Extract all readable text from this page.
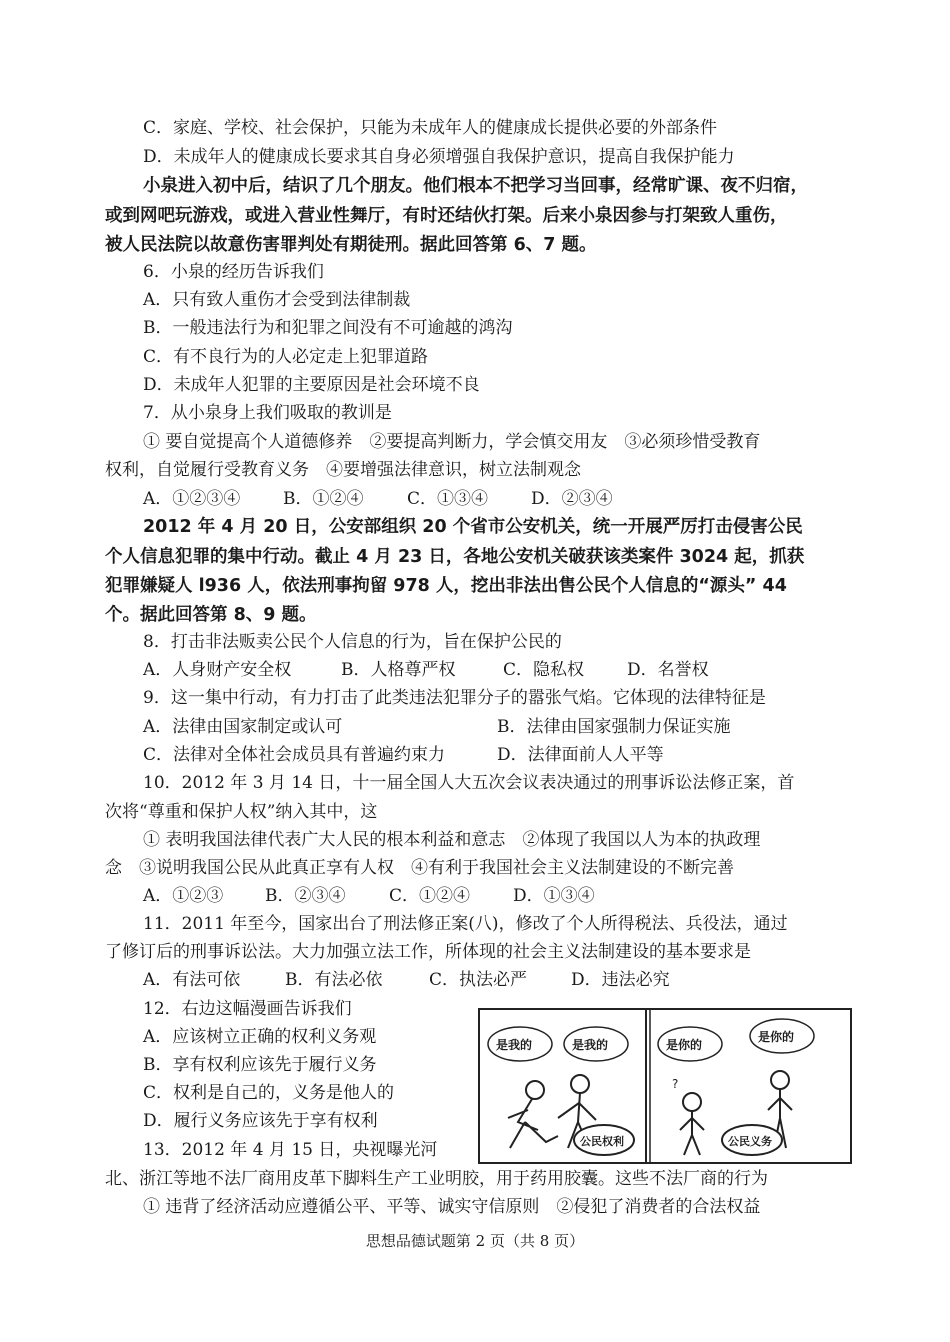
C．家庭、学校、社会保护，只能为未成年人的健康成长提供必要的外部条件
D．未成年人的健康成长要求其自身必须增强自我保护意识，提高自我保护能力
小泉进入初中后，结识了几个朋友。他们根本不把学习当回事，经常旷课、夜不归宿，
或到网吧玩游戏，或进入营业性舞厅，有时还结伙打架。后来小泉因参与打架致人重伤，
被人民法院以故意伤害罪判处有期徒刑。据此回答第 6、7 题。
6．小泉的经历告诉我们
A．只有致人重伤才会受到法律制裁
B．一般违法行为和犯罪之间没有不可逾越的鸿沟
C．有不良行为的人必定走上犯罪道路
D．未成年人犯罪的主要原因是社会环境不良
7．从小泉身上我们吸取的教训是
① 要自觉提高个人道德修养　②要提高判断力，学会慎交用友　③必须珍惜受教育
权利，自觉履行受教育义务　④要增强法律意识，树立法制观念
A．①②③④	B．①②④	C．①③④	D．②③④
2012 年 4 月 20 日，公安部组织 20 个省市公安机关，统一开展严厉打击侵害公民
个人信息犯罪的集中行动。截止 4 月 23 日，各地公安机关破获该类案件 3024 起，抓获
犯罪嫌疑人 l936 人，依法刑事拘留 978 人，挖出非法出售公民个人信息的“源头” 44
个。据此回答第 8、9 题。
8．打击非法贩卖公民个人信息的行为，旨在保护公民的
A．人身财产安全权	B．人格尊严权	C．隐私权	D．名誉权
9．这一集中行动，有力打击了此类违法犯罪分子的嚣张气焰。它体现的法律特征是
A．法律由国家制定或认可	B．法律由国家强制力保证实施
C．法律对全体社会成员具有普遍约束力	D．法律面前人人平等
10．2012 年 3 月 14 日，十一届全国人大五次会议表决通过的刑事诉讼法修正案，首
次将“尊重和保护人权”纳入其中，这
① 表明我国法律代表广大人民的根本利益和意志　②体现了我国以人为本的执政理
念　③说明我国公民从此真正享有人权　④有利于我国社会主义法制建设的不断完善
A．①②③ B．②③④	C．①②④	D．①③④
11．2011 年至今，国家出台了刑法修正案(八)，修改了个人所得税法、兵役法，通过
了修订后的刑事诉讼法。大力加强立法工作，所体现的社会主义法制建设的基本要求是
A．有法可依	B．有法必依	C．执法必严	D．违法必究
12．右边这幅漫画告诉我们
A．应该树立正确的权利义务观
B．享有权利应该先于履行义务
C．权利是自己的，义务是他人的
D．履行义务应该先于享有权利
?
是我的	是我的
公民权利
是你的
是你的
公民义务
13．2012 年 4 月 15 日，央视曝光河
北、浙江等地不法厂商用皮革下脚料生产工业明胶，用于药用胶囊。这些不法厂商的行为
① 违背了经济活动应遵循公平、平等、诚实守信原则　②侵犯了消费者的合法权益
思想品德试题第 2 页（共 8 页）
